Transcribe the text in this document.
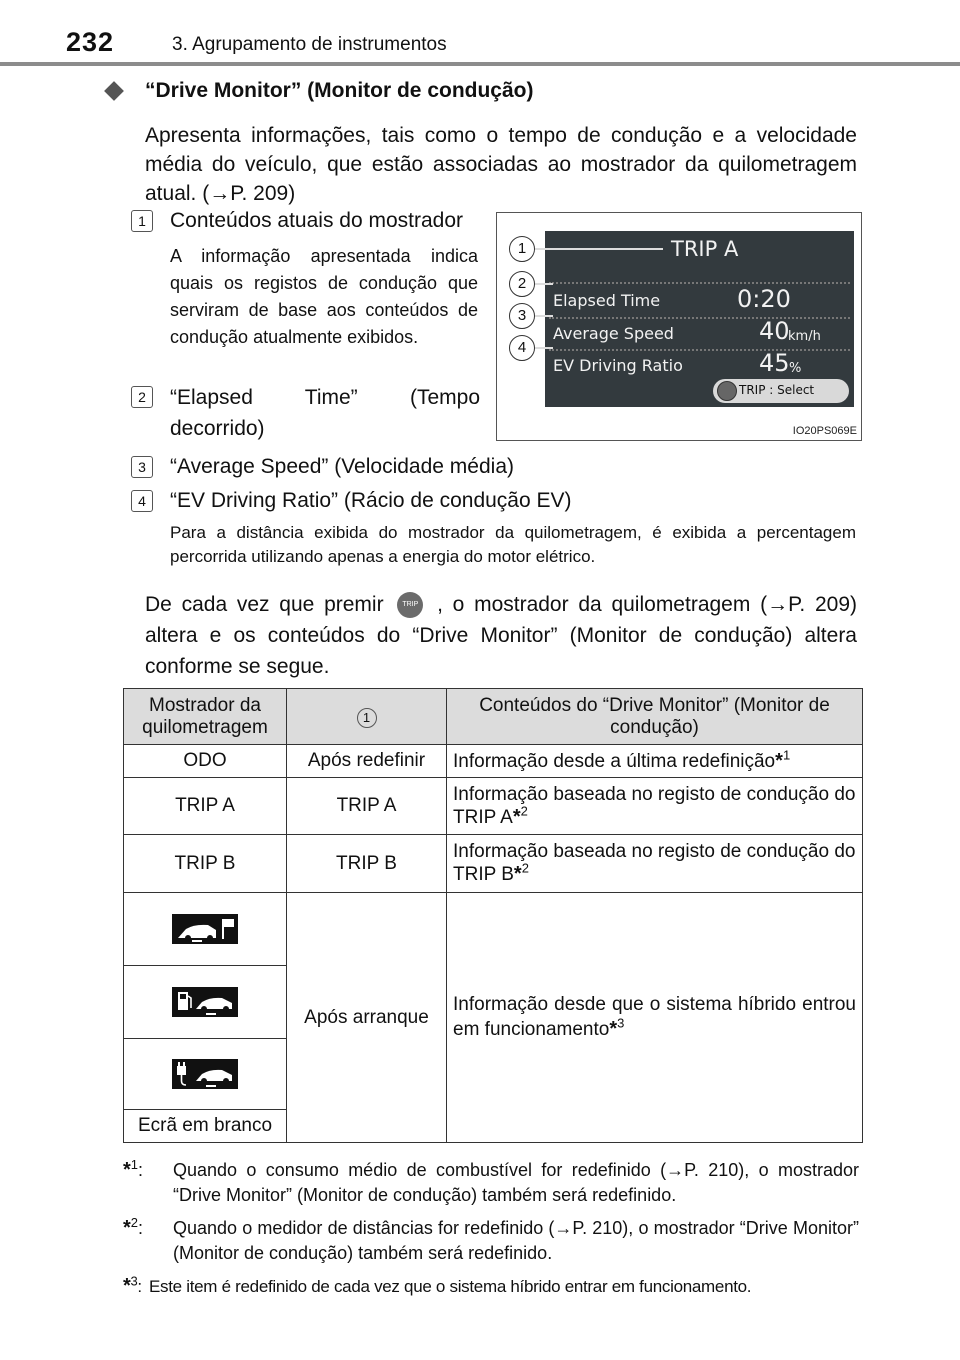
232	3. Agrupamento de instrumentos
“Drive Monitor” (Monitor de condução)
Apresenta informações, tais como o tempo de condução e a velocidade média do veículo, que estão associadas ao mostrador da quilometragem atual. (→P. 209)
1	Conteúdos atuais do mostrador
A informação apresentada indica quais os registos de condução que serviram de base aos conteúdos de condução atualmente exibidos.
2	“Elapsed Time” (Tempo decorrido)
3	“Average Speed” (Velocidade média)
4	“EV Driving Ratio” (Rácio de condução EV)
Para a distância exibida do mostrador da quilometragem, é exibida a percentagem percorrida utilizando apenas a energia do motor elétrico.
TRIP A
Elapsed Time	0:20
Average Speed	40
km/h
EV Driving Ratio	45 %
TRIP : Select
1
2
3
4
IO20PS069E
De cada vez que premir	TRIP , o mostrador da quilometragem (→P. 209) altera e os conteúdos do “Drive Monitor” (Monitor de condução) altera conforme se segue.
Mostrador da quilometragem	1	Conteúdos do “Drive Monitor” (Monitor de condução)
ODO	Após redefinir	Informação desde a última redefinição*$^1$
TRIP A	TRIP A	Informação baseada no registo de condução do TRIP A*$^2$
TRIP B	TRIP B	Informação baseada no registo de condução do TRIP B*$^2$

	Após arranque	Informação desde que o sistema híbrido entrou em funcionamento*$^3$

Ecrã em branco		
*$^1$:	Quando o consumo médio de combustível for redefinido (→P. 210), o mostrador “Drive Monitor” (Monitor de condução) também será redefinido.
*$^2$:	Quando o medidor de distâncias for redefinido (→P. 210), o mostrador “Drive Monitor” (Monitor de condução) também será redefinido.
*$^3$: Este item é redefinido de cada vez que o sistema híbrido entrar em funcionamento.
